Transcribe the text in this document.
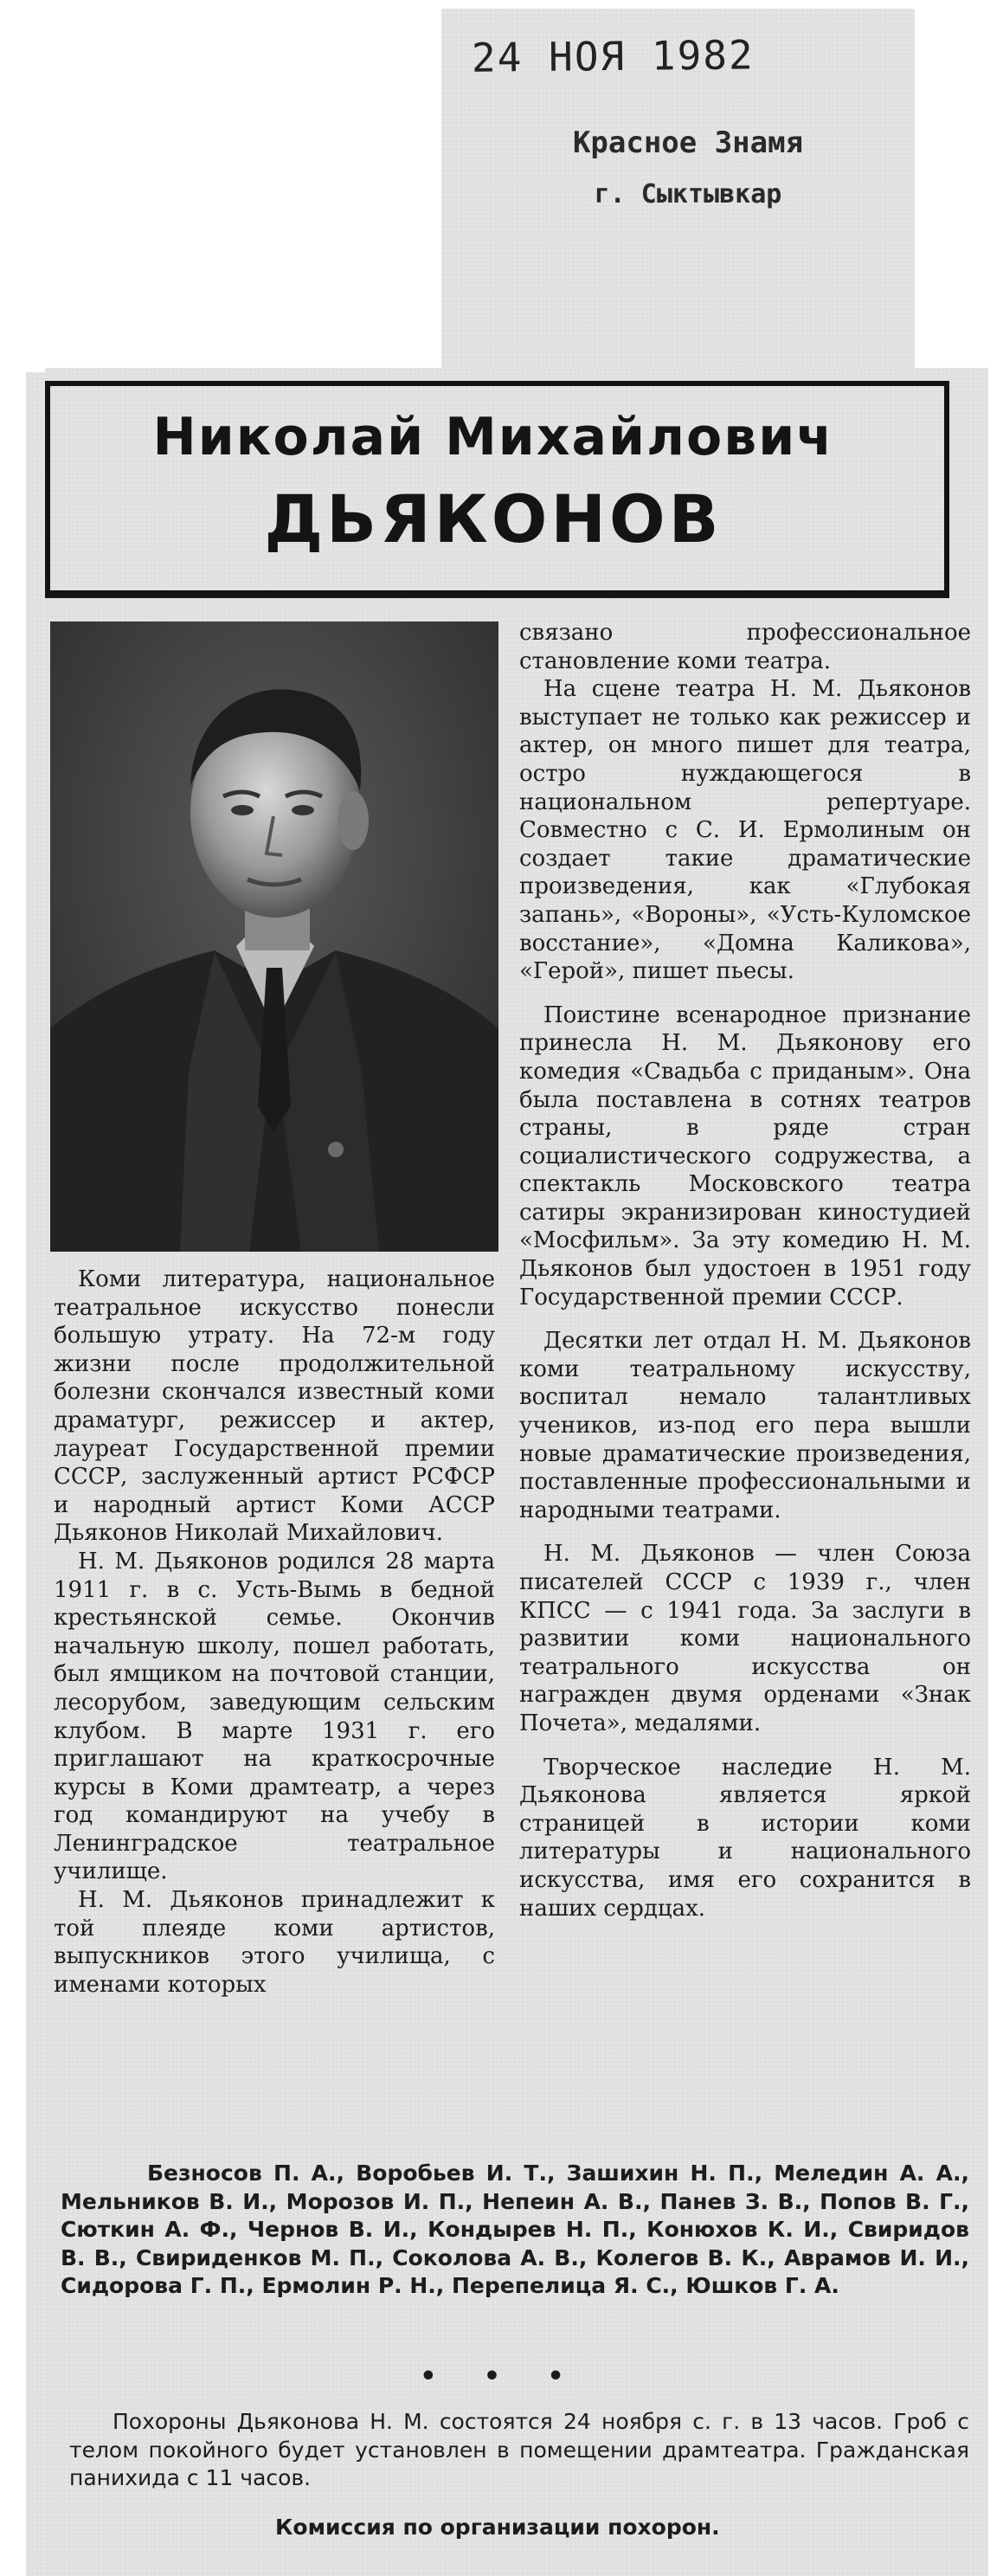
24 НОЯ 1982
Красное Знамя
г. Сыктывкар
Николай Михайлович
ДЬЯКОНОВ

Коми литература, национальное театральное искусство понесли большую утрату. На 72-м году жизни после продолжительной болезни скончался известный коми драматург, режиссер и актер, лауреат Государственной премии СССР, заслуженный артист РСФСР и народный артист Коми АССР Дьяконов Николай Михайлович.

Н. М. Дьяконов родился 28 марта 1911 г. в с. Усть-Вымь в бедной крестьянской семье. Окончив начальную школу, пошел работать, был ямщиком на почтовой станции, лесорубом, заведующим сельским клубом. В марте 1931 г. его приглашают на краткосрочные курсы в Коми драмтеатр, а через год командируют на учебу в Ленинградское театральное училище.

Н. М. Дьяконов принадлежит к той плеяде коми артистов, выпускников этого училища, с именами которых

связано профессиональное становление коми театра.

На сцене театра Н. М. Дьяконов выступает не только как режиссер и актер, он много пишет для театра, остро нуждающегося в национальном репертуаре. Совместно с С. И. Ермолиным он создает такие драматические произведения, как «Глубокая запань», «Вороны», «Усть-Куломское восстание», «Домна Каликова», «Герой», пишет пьесы.

Поистине всенародное признание принесла Н. М. Дьяконову его комедия «Свадьба с приданым». Она была поставлена в сотнях театров страны, в ряде стран социалистического содружества, а спектакль Московского театра сатиры экранизирован киностудией «Мосфильм». За эту комедию Н. М. Дьяконов был удостоен в 1951 году Государственной премии СССР.

Десятки лет отдал Н. М. Дьяконов коми театральному искусству, воспитал немало талантливых учеников, из-под его пера вышли новые драматические произведения, поставленные профессиональными и народными театрами.

Н. М. Дьяконов — член Союза писателей СССР с 1939 г., член КПСС — с 1941 года. За заслуги в развитии коми национального театрального искусства он награжден двумя орденами «Знак Почета», медалями.

Творческое наследие Н. М. Дьяконова является яркой страницей в истории коми литературы и национального искусства, имя его сохранится в наших сердцах.

Безносов П. А., Воробьев И. Т., Зашихин Н. П., Меледин А. А., Мельников В. И., Морозов И. П., Непеин А. В., Панев З. В., Попов В. Г., Сюткин А. Ф., Чернов В. И., Кондырев Н. П., Конюхов К. И., Свиридов В. В., Свириденков М. П., Соколова А. В., Колегов В. К., Аврамов И. И., Сидорова Г. П., Ермолин Р. Н., Перепелица Я. С., Юшков Г. А.
• • •
Похороны Дьяконова Н. М. состоятся 24 ноября с. г. в 13 часов. Гроб с телом покойного будет установлен в помещении драмтеатра. Гражданская панихида с 11 часов.
Комиссия по организации похорон.
